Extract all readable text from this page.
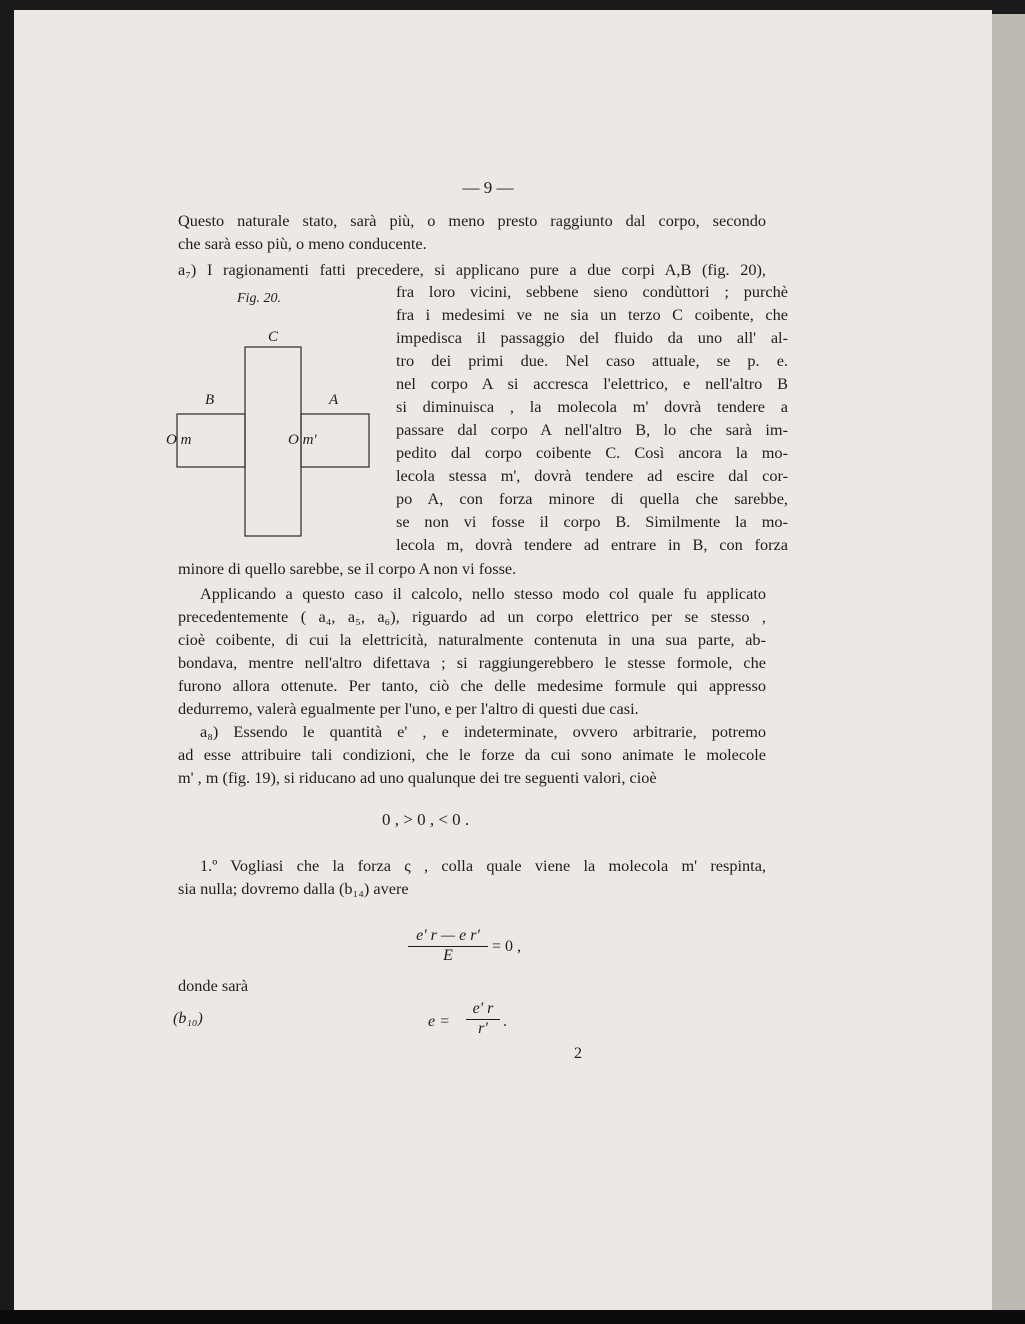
— 9 —
Questo naturale stato, sarà più, o meno presto raggiunto dal corpo, secondo
che sarà esso più, o meno conducente.
a₇) I ragionamenti fatti precedere, si applicano pure a due corpi A,B (fig. 20),
fra loro vicini, sebbene sieno condùttori ; purchè
fra i medesimi ve ne sia un terzo C coibente, che
impedisca il passaggio del fluido da uno all' al-
tro dei primi due. Nel caso attuale, se p. e.
nel corpo A si accresca l'elettrico, e nell'altro B
si diminuisca , la molecola m' dovrà tendere a
passare dal corpo A nell'altro B, lo che sarà im-
pedito dal corpo coibente C. Così ancora la mo-
lecola stessa m', dovrà tendere ad escire dal cor-
po A, con forza minore di quella che sarebbe,
se non vi fosse il corpo B. Similmente la mo-
lecola m, dovrà tendere ad entrare in B, con forza
minore di quello sarebbe, se il corpo A non vi fosse.
Applicando a questo caso il calcolo, nello stesso modo col quale fu applicato
precedentemente ( a₄, a₅, a₆), riguardo ad un corpo elettrico per se stesso ,
cioè coibente, di cui la elettricità, naturalmente contenuta in una sua parte, ab-
bondava, mentre nell'altro difettava ; si raggiungerebbero le stesse formole, che
furono allora ottenute. Per tanto, ciò che delle medesime formule qui appresso
dedurremo, valerà egualmente per l'uno, e per l'altro di questi due casi.
a₈) Essendo le quantità e' , e indeterminate, ovvero arbitrarie, potremo
ad esse attribuire tali condizioni, che le forze da cui sono animate le molecole
m' , m (fig. 19), si riducano ad uno qualunque dei tre seguenti valori, cioè
0 , > 0 , < 0 .
1.º Vogliasi che la forza ς , colla quale viene la molecola m' respinta,
sia nulla; dovremo dalla (b₁₄) avere
$\frac{\text{e' r — e r'}}{E} = 0$ ,
donde sarà
(b₁₀)	$e = \frac{e' r}{r'}$ .
2
Fig. 20.
C
B	A
O m	O m'
